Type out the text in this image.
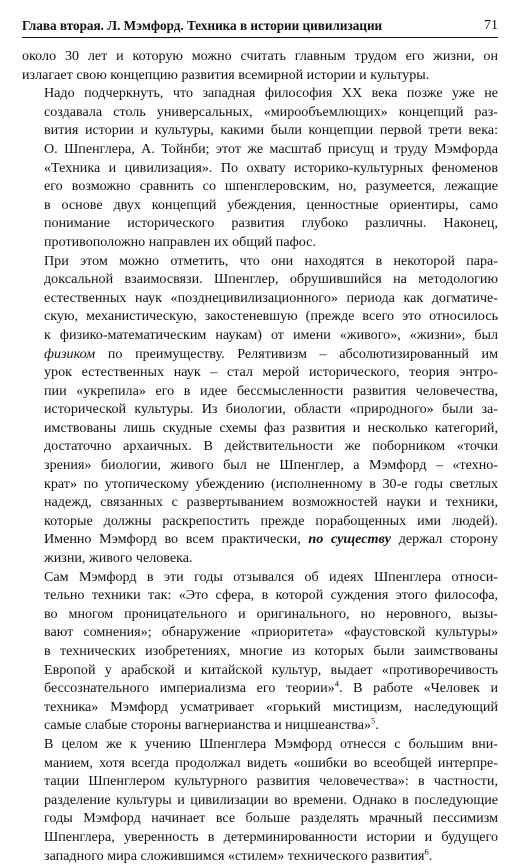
Глава вторая. Л. Мэмфорд. Техника в истории цивилизации	71

около 30 лет и которую можно считать главным трудом его жизни, он
излагает свою концепцию развития всемирной истории и культуры.

Надо подчеркнуть, что западная философия XX века позже уже не
создавала столь универсальных, «мирообъемлющих» концепций раз-
вития истории и культуры, какими были концепции первой трети века:
О. Шпенглера, А. Тойнби; этот же масштаб присущ и труду Мэмфорда
«Техника и цивилизация». По охвату историко-культурных феноменов
его возможно сравнить со шпенглеровским, но, разумеется, лежащие
в основе двух концепций убеждения, ценностные ориентиры, само
понимание исторического развития глубоко различны. Наконец,
противоположно направлен их общий пафос.

При этом можно отметить, что они находятся в некоторой пара-
доксальной взаимосвязи. Шпенглер, обрушившийся на методологию
естественных наук «позднецивилизационного» периода как догматиче-
скую, механистическую, закостеневшую (прежде всего это относилось
к физико-математическим наукам) от имени «живого», «жизни», был
физиком по преимуществу. Релятивизм – абсолютизированный им
урок естественных наук – стал мерой исторического, теория энтро-
пии «укрепила» его в идее бессмысленности развития человечества,
исторической культуры. Из биологии, области «природного» были за-
имствованы лишь скудные схемы фаз развития и несколько категорий,
достаточно архаичных. В действительности же поборником «точки
зрения» биологии, живого был не Шпенглер, а Мэмфорд – «техно-
крат» по утопическому убеждению (исполненному в 30-е годы светлых
надежд, связанных с развертыванием возможностей науки и техники,
которые должны раскрепостить прежде порабощенных ими людей).
Именно Мэмфорд во всем практически, по существу держал сторону
жизни, живого человека.

Сам Мэмфорд в эти годы отзывался об идеях Шпенглера относи-
тельно техники так: «Это сфера, в которой суждения этого философа,
во многом проницательного и оригинального, но неровного, вызы-
вают сомнения»; обнаружение «приоритета» «фаустовской культуры»
в технических изобретениях, многие из которых были заимствованы
Европой у арабской и китайской культур, выдает «противоречивость
бессознательного империализма его теории»$^4$. В работе «Человек и
техника» Мэмфорд усматривает «горький мистицизм, наследующий
самые слабые стороны вагнерианства и ницшеанства»$^5$.

В целом же к учению Шпенглера Мэмфорд отнесся с большим вни-
манием, хотя всегда продолжал видеть «ошибки во всеобщей интерпре-
тации Шпенглером культурного развития человечества»: в частности,
разделение культуры и цивилизации во времени. Однако в последующие
годы Мэмфорд начинает все больше разделять мрачный пессимизм
Шпенглера, уверенность в детерминированности истории и будущего
западного мира сложившимся «стилем» технического развития$^6$.
